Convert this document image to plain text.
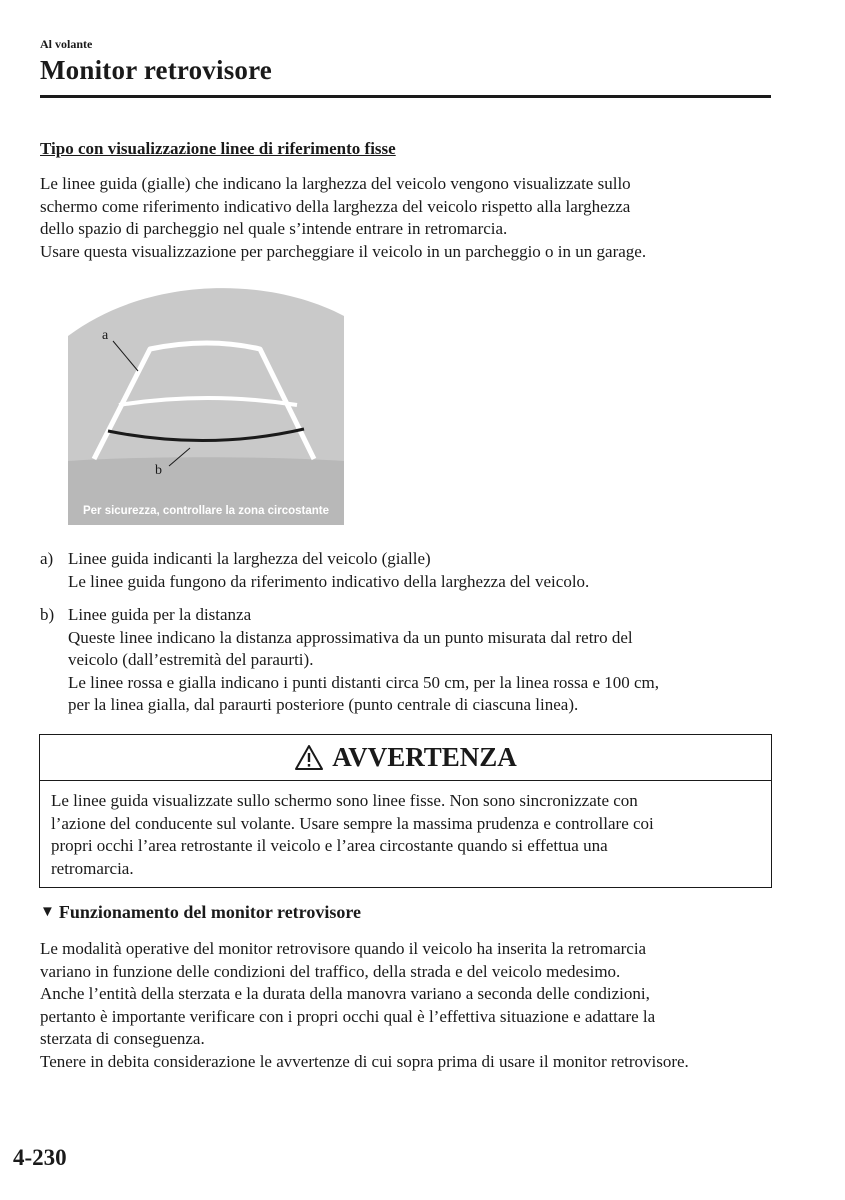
Al volante
Monitor retrovisore
Tipo con visualizzazione linee di riferimento fisse
Le linee guida (gialle) che indicano la larghezza del veicolo vengono visualizzate sullo
schermo come riferimento indicativo della larghezza del veicolo rispetto alla larghezza
dello spazio di parcheggio nel quale s’intende entrare in retromarcia.
Usare questa visualizzazione per parcheggiare il veicolo in un parcheggio o in un garage.
a
b
Per sicurezza, controllare la zona circostante
a) Linee guida indicanti la larghezza del veicolo (gialle)
Le linee guida fungono da riferimento indicativo della larghezza del veicolo.
b) Linee guida per la distanza
Queste linee indicano la distanza approssimativa da un punto misurata dal retro del
veicolo (dall’estremità del paraurti).
Le linee rossa e gialla indicano i punti distanti circa 50 cm, per la linea rossa e 100 cm,
per la linea gialla, dal paraurti posteriore (punto centrale di ciascuna linea).
AVVERTENZA
Le linee guida visualizzate sullo schermo sono linee fisse. Non sono sincronizzate con
l’azione del conducente sul volante. Usare sempre la massima prudenza e controllare coi
propri occhi l’area retrostante il veicolo e l’area circostante quando si effettua una
retromarcia.
▼ Funzionamento del monitor retrovisore
Le modalità operative del monitor retrovisore quando il veicolo ha inserita la retromarcia
variano in funzione delle condizioni del traffico, della strada e del veicolo medesimo.
Anche l’entità della sterzata e la durata della manovra variano a seconda delle condizioni,
pertanto è importante verificare con i propri occhi qual è l’effettiva situazione e adattare la
sterzata di conseguenza.
Tenere in debita considerazione le avvertenze di cui sopra prima di usare il monitor retrovisore.
4-230
